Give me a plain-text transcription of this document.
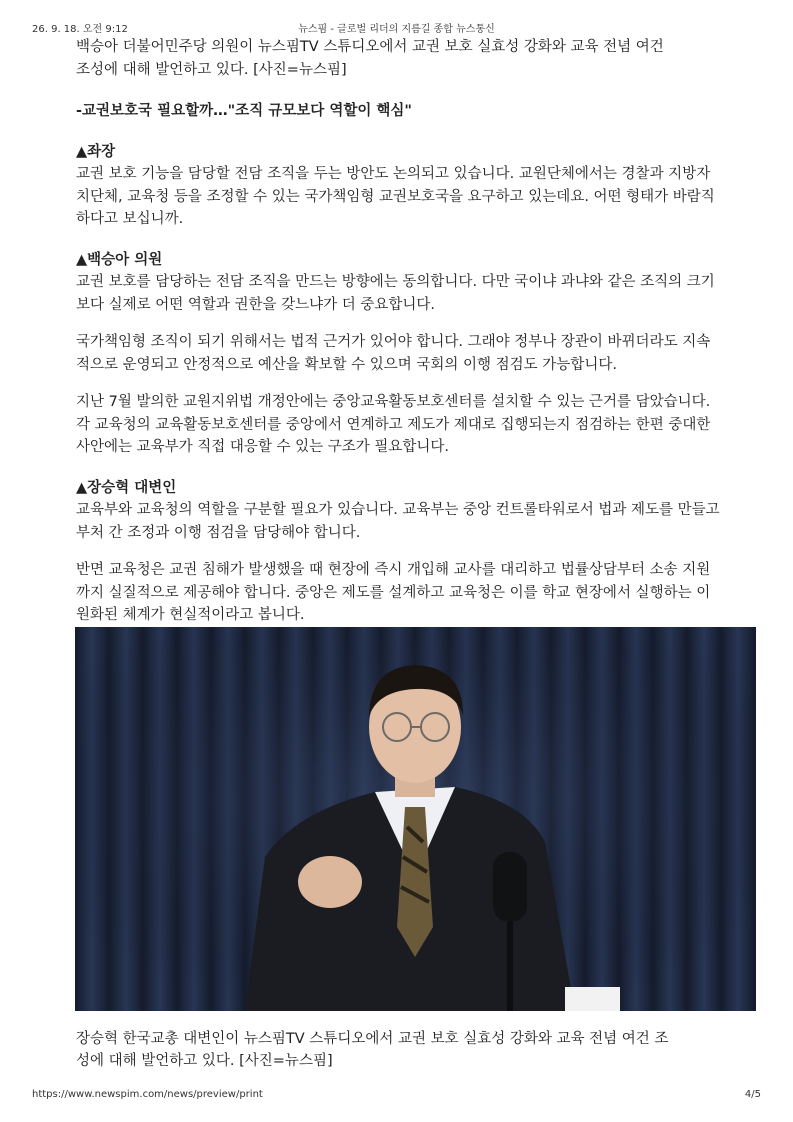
26. 9. 18. 오전 9:12	뉴스핌 - 글로벌 리더의 지름길 종합 뉴스통신

백승아 더불어민주당 의원이 뉴스핌TV 스튜디오에서 교권 보호 실효성 강화와 교육 전념 여건 조성에 대해 발언하고 있다. [사진=뉴스핌]

-교권보호국 필요할까…"조직 규모보다 역할이 핵심"

▲좌장

교권 보호 기능을 담당할 전담 조직을 두는 방안도 논의되고 있습니다. 교원단체에서는 경찰과 지방자치단체, 교육청 등을 조정할 수 있는 국가책임형 교권보호국을 요구하고 있는데요. 어떤 형태가 바람직하다고 보십니까.

▲백승아 의원

교권 보호를 담당하는 전담 조직을 만드는 방향에는 동의합니다. 다만 국이냐 과냐와 같은 조직의 크기보다 실제로 어떤 역할과 권한을 갖느냐가 더 중요합니다.

국가책임형 조직이 되기 위해서는 법적 근거가 있어야 합니다. 그래야 정부나 장관이 바뀌더라도 지속적으로 운영되고 안정적으로 예산을 확보할 수 있으며 국회의 이행 점검도 가능합니다.

지난 7월 발의한 교원지위법 개정안에는 중앙교육활동보호센터를 설치할 수 있는 근거를 담았습니다. 각 교육청의 교육활동보호센터를 중앙에서 연계하고 제도가 제대로 집행되는지 점검하는 한편 중대한 사안에는 교육부가 직접 대응할 수 있는 구조가 필요합니다.

▲장승혁 대변인

교육부와 교육청의 역할을 구분할 필요가 있습니다. 교육부는 중앙 컨트롤타워로서 법과 제도를 만들고 부처 간 조정과 이행 점검을 담당해야 합니다.

반면 교육청은 교권 침해가 발생했을 때 현장에 즉시 개입해 교사를 대리하고 법률상담부터 소송 지원까지 실질적으로 제공해야 합니다. 중앙은 제도를 설계하고 교육청은 이를 학교 현장에서 실행하는 이원화된 체계가 현실적이라고 봅니다.

장승혁 한국교총 대변인이 뉴스핌TV 스튜디오에서 교권 보호 실효성 강화와 교육 전념 여건 조성에 대해 발언하고 있다. [사진=뉴스핌]

https://www.newspim.com/news/preview/print	4/5
